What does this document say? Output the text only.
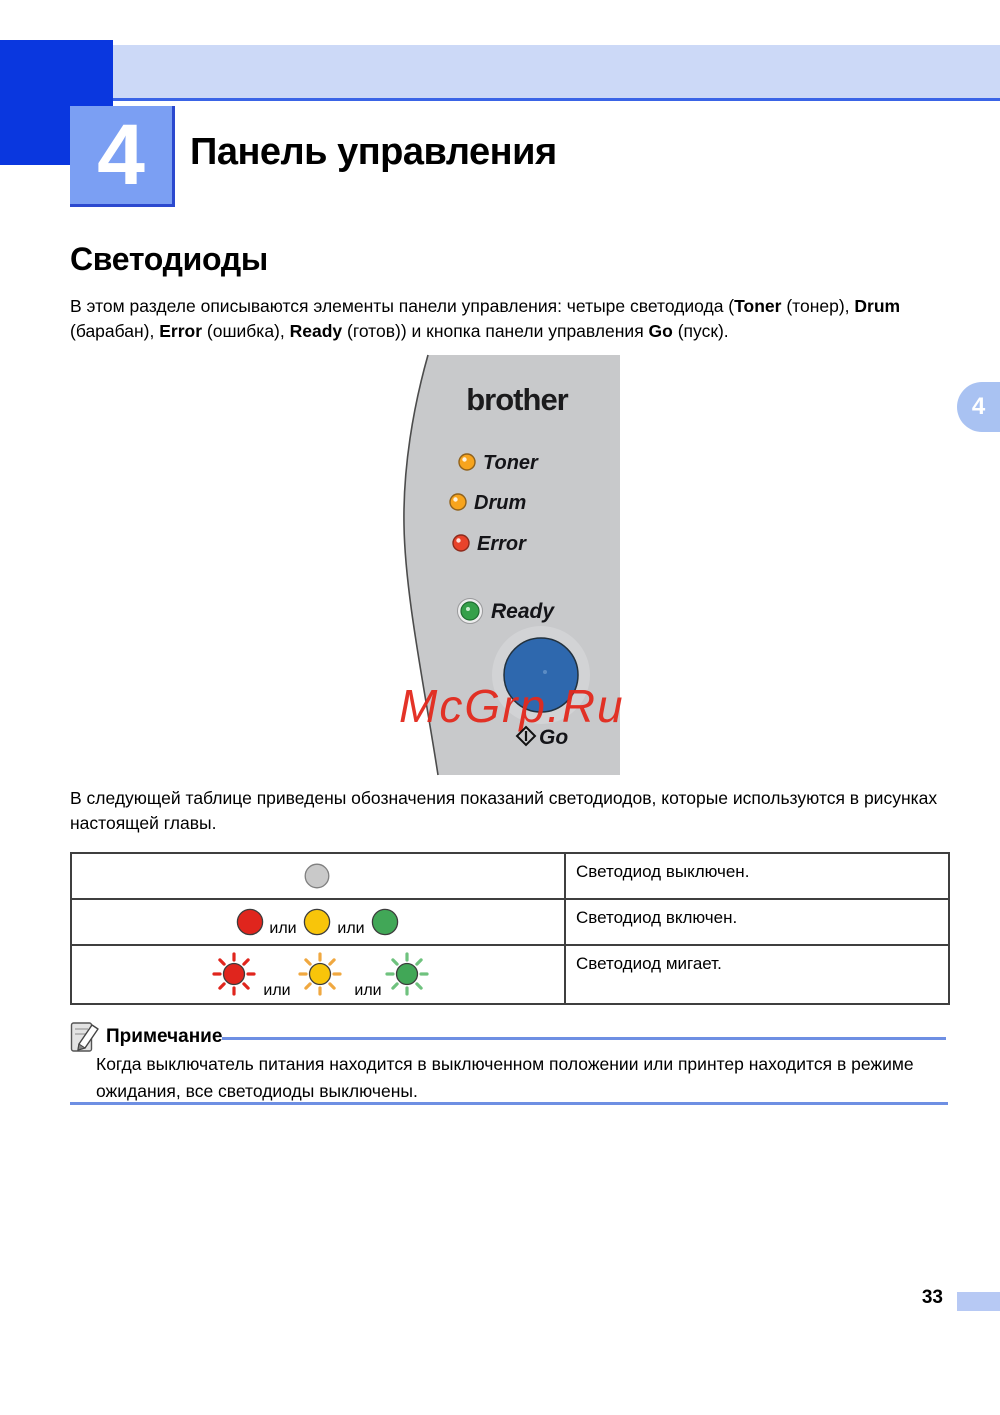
4 Панель управления
4
Светодиоды
В этом разделе описываются элементы панели управления: четыре светодиода (Toner (тонер), Drum (барабан), Error (ошибка), Ready (готов)) и кнопка панели управления Go (пуск).
brother
Toner
Drum
Error
Ready
McGrp.Ru
Go
В следующей таблице приведены обозначения показаний светодиодов, которые используются в рисунках настоящей главы.
Светодиод выключен.
или	или
Светодиод включен.
или	или
Светодиод мигает.
Примечание
Когда выключатель питания находится в выключенном положении или принтер находится в режиме ожидания, все светодиоды выключены.
33
